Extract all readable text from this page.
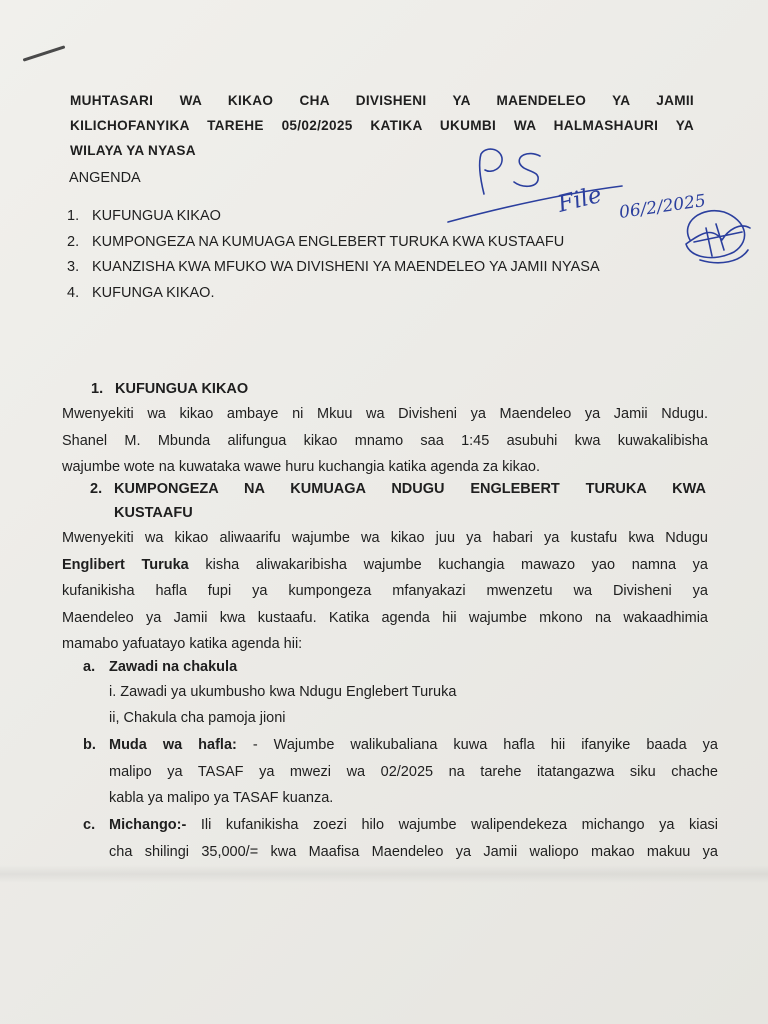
MUHTASARI WA KIKAO CHA DIVISHENI YA MAENDELEO YA JAMII
KILICHOFANYIKA TAREHE 05/02/2025 KATIKA UKUMBI WA HALMASHAURI YA
WILAYA YA NYASA
ANGENDA
1. KUFUNGUA KIKAO
2. KUMPONGEZA NA KUMUAGA ENGLEBERT TURUKA KWA KUSTAAFU
3. KUANZISHA KWA MFUKO WA DIVISHENI YA MAENDELEO YA JAMII NYASA
4. KUFUNGA KIKAO.
File 06/2/2025
1. KUFUNGUA KIKAO
Mwenyekiti wa kikao ambaye ni Mkuu wa Divisheni ya Maendeleo ya Jamii Ndugu.
Shanel M. Mbunda alifungua kikao mnamo saa 1:45 asubuhi kwa kuwakalibisha
wajumbe wote na kuwataka wawe huru kuchangia katika agenda za kikao.
2. KUMPONGEZA NA KUMUAGA NDUGU ENGLEBERT TURUKA KWA
KUSTAAFU
Mwenyekiti wa kikao aliwaarifu wajumbe wa kikao juu ya habari ya kustafu kwa Ndugu
Englibert Turuka kisha aliwakaribisha wajumbe kuchangia mawazo yao namna ya
kufanikisha hafla fupi ya kumpongeza mfanyakazi mwenzetu wa Divisheni ya
Maendeleo ya Jamii kwa kustaafu. Katika agenda hii wajumbe mkono na wakaadhimia
mamabo yafuatayo katika agenda hii:
a. Zawadi na chakula
i. Zawadi ya ukumbusho kwa Ndugu Englebert Turuka
ii, Chakula cha pamoja jioni
b. Muda wa hafla: - Wajumbe walikubaliana kuwa hafla hii ifanyike baada ya
malipo ya TASAF ya mwezi wa 02/2025 na tarehe itatangazwa siku chache
kabla ya malipo ya TASAF kuanza.
c. Michango:- Ili kufanikisha zoezi hilo wajumbe walipendekeza michango ya kiasi
cha shilingi 35,000/= kwa Maafisa Maendeleo ya Jamii waliopo makao makuu ya
